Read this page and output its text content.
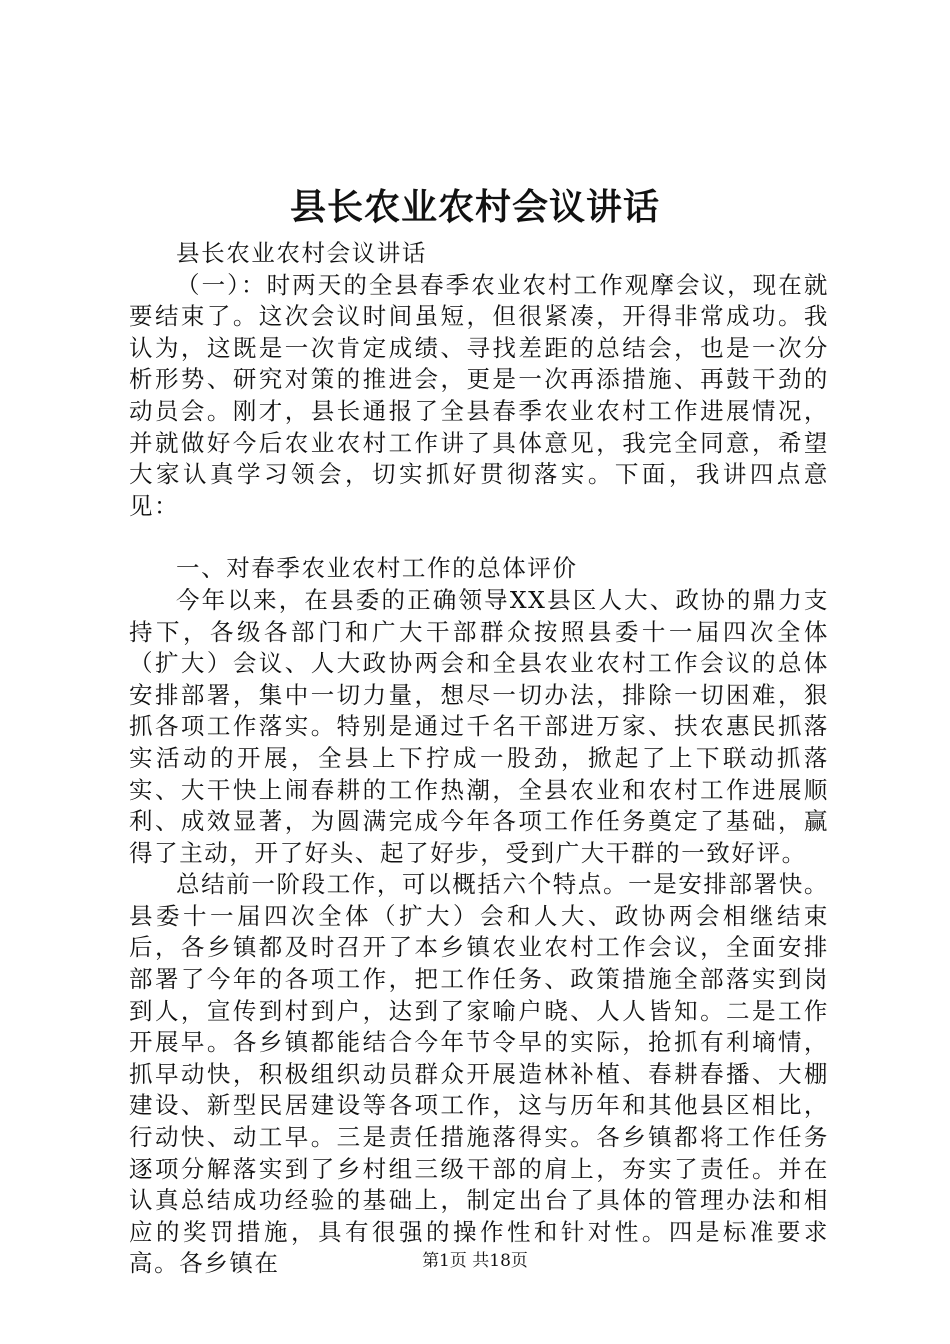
县长农业农村会议讲话

县长农业农村会议讲话

（一）：时两天的全县春季农业农村工作观摩会议，现在就要结束了。这次会议时间虽短，但很紧凑，开得非常成功。我认为，这既是一次肯定成绩、寻找差距的总结会，也是一次分析形势、研究对策的推进会，更是一次再添措施、再鼓干劲的动员会。刚才，县长通报了全县春季农业农村工作进展情况，并就做好今后农业农村工作讲了具体意见，我完全同意，希望大家认真学习领会，切实抓好贯彻落实。下面，我讲四点意见：

一、对春季农业农村工作的总体评价

今年以来，在县委的正确领导XX县区人大、政协的鼎力支持下，各级各部门和广大干部群众按照县委十一届四次全体（扩大）会议、人大政协两会和全县农业农村工作会议的总体安排部署，集中一切力量，想尽一切办法，排除一切困难，狠抓各项工作落实。特别是通过千名干部进万家、扶农惠民抓落实活动的开展，全县上下拧成一股劲，掀起了上下联动抓落实、大干快上闹春耕的工作热潮，全县农业和农村工作进展顺利、成效显著，为圆满完成今年各项工作任务奠定了基础，赢得了主动，开了好头、起了好步，受到广大干群的一致好评。

总结前一阶段工作，可以概括六个特点。一是安排部署快。县委十一届四次全体（扩大）会和人大、政协两会相继结束后，各乡镇都及时召开了本乡镇农业农村工作会议，全面安排部署了今年的各项工作，把工作任务、政策措施全部落实到岗到人，宣传到村到户，达到了家喻户晓、人人皆知。二是工作开展早。各乡镇都能结合今年节令早的实际，抢抓有利墒情，抓早动快，积极组织动员群众开展造林补植、春耕春播、大棚建设、新型民居建设等各项工作，这与历年和其他县区相比，行动快、动工早。三是责任措施落得实。各乡镇都将工作任务逐项分解落实到了乡村组三级干部的肩上，夯实了责任。并在认真总结成功经验的基础上，制定出台了具体的管理办法和相应的奖罚措施，具有很强的操作性和针对性。四是标准要求高。各乡镇在	第1页 共18页
